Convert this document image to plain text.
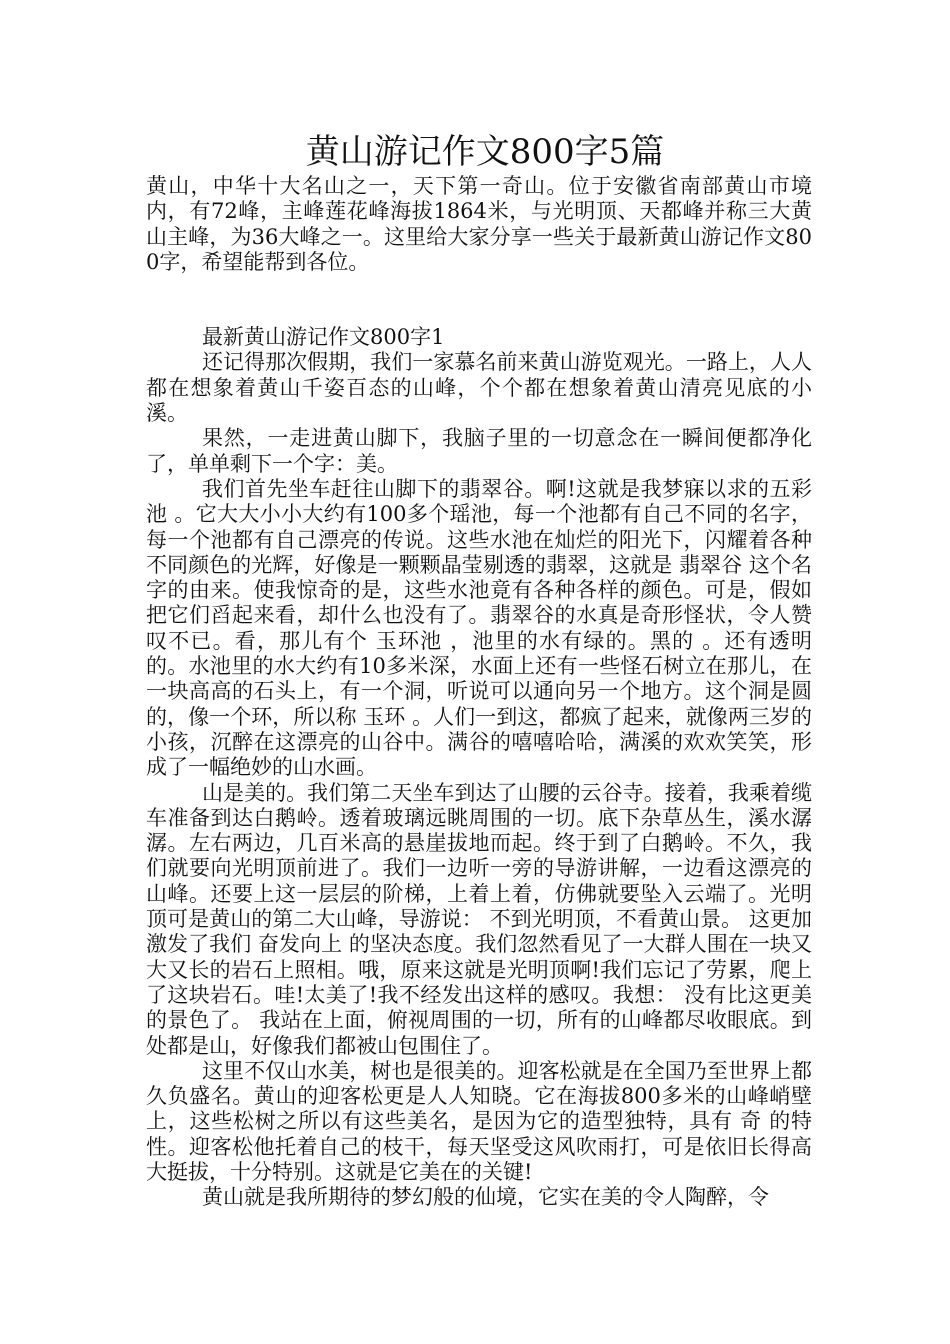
黄山游记作文800字5篇

黄山，中华十大名山之一，天下第一奇山。位于安徽省南部黄山市境内，有72峰，主峰莲花峰海拔1864米，与光明顶、天都峰并称三大黄山主峰，为36大峰之一。这里给大家分享一些关于最新黄山游记作文800字，希望能帮到各位。

最新黄山游记作文800字1

还记得那次假期，我们一家慕名前来黄山游览观光。一路上，人人都在想象着黄山千姿百态的山峰，个个都在想象着黄山清亮见底的小溪。

果然，一走进黄山脚下，我脑子里的一切意念在一瞬间便都净化了，单单剩下一个字：美。

我们首先坐车赶往山脚下的翡翠谷。啊!这就是我梦寐以求的五彩池 。它大大小小大约有100多个瑶池，每一个池都有自己不同的名字，每一个池都有自己漂亮的传说。这些水池在灿烂的阳光下，闪耀着各种不同颜色的光辉，好像是一颗颗晶莹剔透的翡翠，这就是 翡翠谷 这个名字的由来。使我惊奇的是，这些水池竟有各种各样的颜色。可是，假如把它们舀起来看，却什么也没有了。翡翠谷的水真是奇形怪状，令人赞叹不已。看，那儿有个 玉环池 ，池里的水有绿的。黑的 。还有透明的。水池里的水大约有10多米深，水面上还有一些怪石树立在那儿，在一块高高的石头上，有一个洞，听说可以通向另一个地方。这个洞是圆的，像一个环，所以称 玉环 。人们一到这，都疯了起来，就像两三岁的小孩，沉醉在这漂亮的山谷中。满谷的嘻嘻哈哈，满溪的欢欢笑笑，形成了一幅绝妙的山水画。

山是美的。我们第二天坐车到达了山腰的云谷寺。接着，我乘着缆车准备到达白鹅岭。透着玻璃远眺周围的一切。底下杂草丛生，溪水潺潺。左右两边，几百米高的悬崖拔地而起。终于到了白鹅岭。不久，我们就要向光明顶前进了。我们一边听一旁的导游讲解，一边看这漂亮的山峰。还要上这一层层的阶梯，上着上着，仿佛就要坠入云端了。光明顶可是黄山的第二大山峰，导游说： 不到光明顶，不看黄山景。 这更加激发了我们 奋发向上 的坚决态度。我们忽然看见了一大群人围在一块又大又长的岩石上照相。哦，原来这就是光明顶啊!我们忘记了劳累，爬上了这块岩石。哇!太美了!我不经发出这样的感叹。我想： 没有比这更美的景色了。 我站在上面，俯视周围的一切，所有的山峰都尽收眼底。到处都是山，好像我们都被山包围住了。

这里不仅山水美，树也是很美的。迎客松就是在全国乃至世界上都久负盛名。黄山的迎客松更是人人知晓。它在海拔800多米的山峰峭壁上，这些松树之所以有这些美名，是因为它的造型独特，具有 奇 的特性。迎客松他托着自己的枝干，每天坚受这风吹雨打，可是依旧长得高大挺拔，十分特别。这就是它美在的关键!

黄山就是我所期待的梦幻般的仙境，它实在美的令人陶醉，令
